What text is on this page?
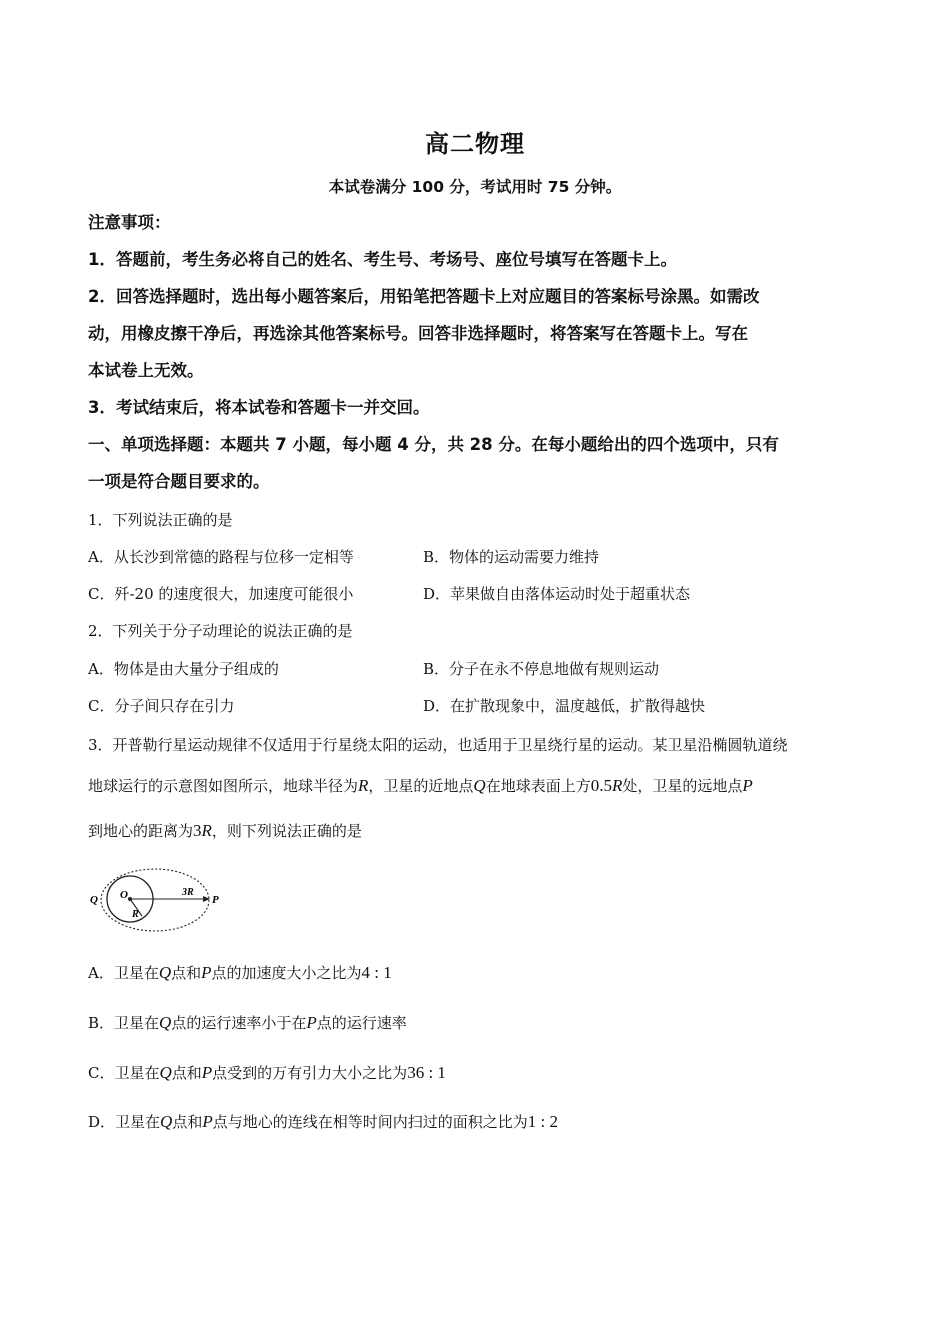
高二物理
本试卷满分 100 分，考试用时 75 分钟。
注意事项：
1．答题前，考生务必将自己的姓名、考生号、考场号、座位号填写在答题卡上。
2．回答选择题时，选出每小题答案后，用铅笔把答题卡上对应题目的答案标号涂黑。如需改
动，用橡皮擦干净后，再选涂其他答案标号。回答非选择题时，将答案写在答题卡上。写在
本试卷上无效。
3．考试结束后，将本试卷和答题卡一并交回。
一、单项选择题：本题共 7 小题，每小题 4 分，共 28 分。在每小题给出的四个选项中，只有
一项是符合题目要求的。
1．下列说法正确的是
A．从长沙到常德的路程与位移一定相等	B．物体的运动需要力维持
C．歼-20 的速度很大，加速度可能很小	D．苹果做自由落体运动时处于超重状态
2．下列关于分子动理论的说法正确的是
A．物体是由大量分子组成的	B．分子在永不停息地做有规则运动
C．分子间只存在引力	D．在扩散现象中，温度越低，扩散得越快
3．开普勒行星运动规律不仅适用于行星绕太阳的运动，也适用于卫星绕行星的运动。某卫星沿椭圆轨道绕
地球运行的示意图如图所示，地球半径为R，卫星的近地点Q在地球表面上方0.5R处，卫星的远地点P
到地心的距离为3R，则下列说法正确的是
Q O
R
3R
P
A．卫星在Q点和P点的加速度大小之比为4 : 1
B．卫星在Q点的运行速率小于在P点的运行速率
C．卫星在Q点和P点受到的万有引力大小之比为36 : 1
D．卫星在Q点和P点与地心的连线在相等时间内扫过的面积之比为1 : 2
